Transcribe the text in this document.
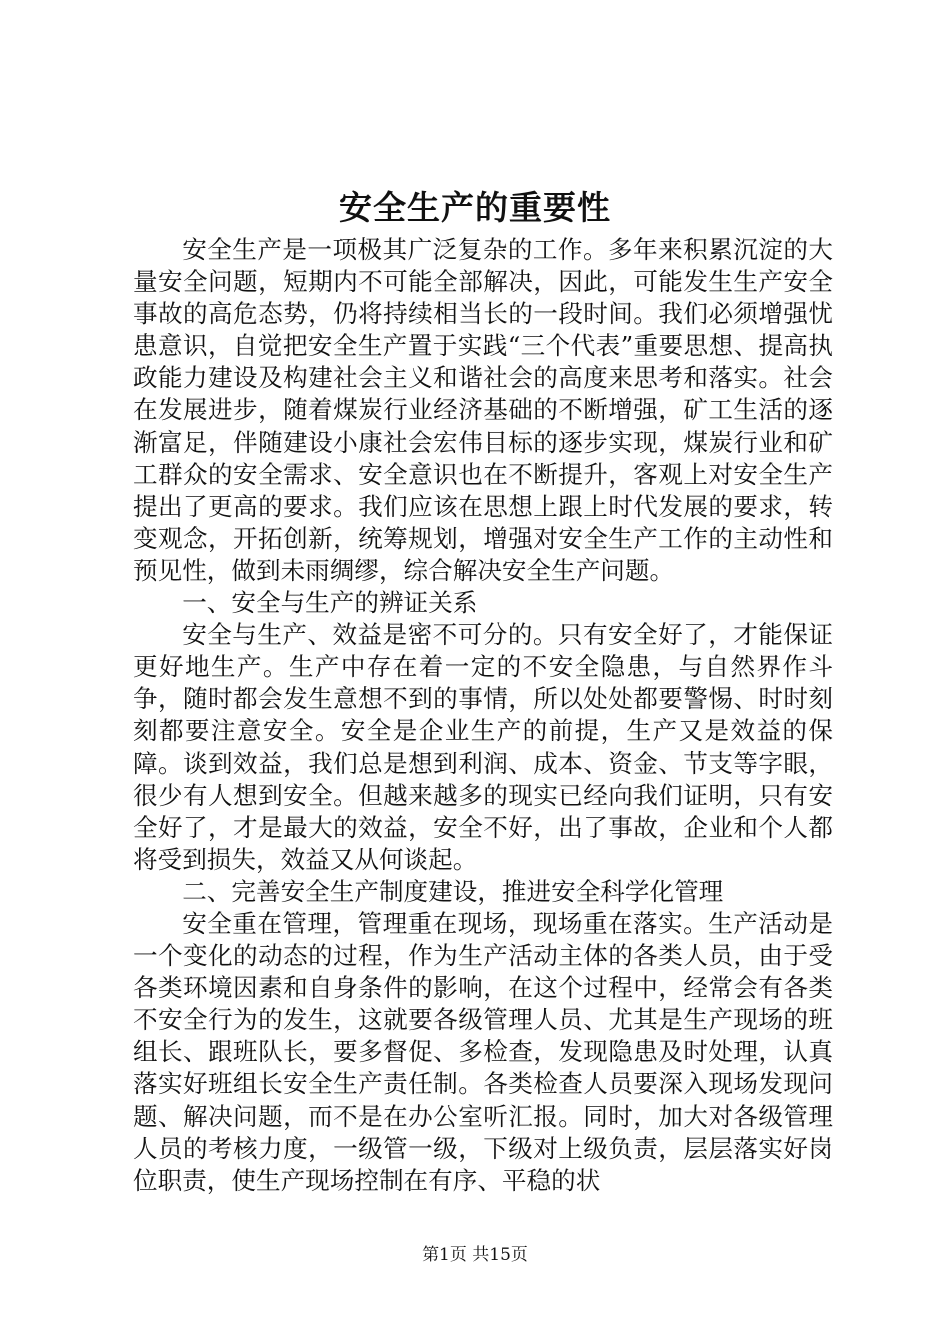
安全生产的重要性

安全生产是一项极其广泛复杂的工作。多年来积累沉淀的大量安全问题，短期内不可能全部解决，因此，可能发生生产安全事故的高危态势，仍将持续相当长的一段时间。我们必须增强忧患意识，自觉把安全生产置于实践“三个代表”重要思想、提高执政能力建设及构建社会主义和谐社会的高度来思考和落实。社会在发展进步，随着煤炭行业经济基础的不断增强，矿工生活的逐渐富足，伴随建设小康社会宏伟目标的逐步实现，煤炭行业和矿工群众的安全需求、安全意识也在不断提升，客观上对安全生产提出了更高的要求。我们应该在思想上跟上时代发展的要求，转变观念，开拓创新，统筹规划，增强对安全生产工作的主动性和预见性，做到未雨绸缪，综合解决安全生产问题。

一、安全与生产的辨证关系

安全与生产、效益是密不可分的。只有安全好了，才能保证更好地生产。生产中存在着一定的不安全隐患，与自然界作斗争，随时都会发生意想不到的事情，所以处处都要警惕、时时刻刻都要注意安全。安全是企业生产的前提，生产又是效益的保障。谈到效益，我们总是想到利润、成本、资金、节支等字眼，很少有人想到安全。但越来越多的现实已经向我们证明，只有安全好了，才是最大的效益，安全不好，出了事故，企业和个人都将受到损失，效益又从何谈起。

二、完善安全生产制度建设，推进安全科学化管理

安全重在管理，管理重在现场，现场重在落实。生产活动是一个变化的动态的过程，作为生产活动主体的各类人员，由于受各类环境因素和自身条件的影响，在这个过程中，经常会有各类不安全行为的发生，这就要各级管理人员、尤其是生产现场的班组长、跟班队长，要多督促、多检查，发现隐患及时处理，认真落实好班组长安全生产责任制。各类检查人员要深入现场发现问题、解决问题，而不是在办公室听汇报。同时，加大对各级管理人员的考核力度，一级管一级，下级对上级负责，层层落实好岗位职责，使生产现场控制在有序、平稳的状

第1页 共15页
